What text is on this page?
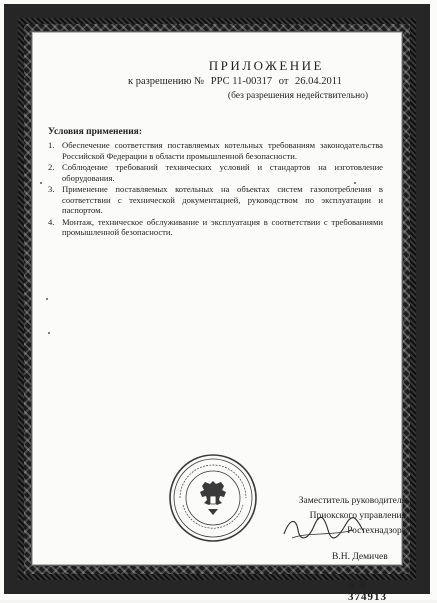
ПРИЛОЖЕНИЕ
к разрешению № РРС 11-00317 от 26.04.2011
(без разрешения недействительно)
Условия применения:
1. Обеспечение соответствия поставляемых котельных требованиям законодательства Российской Федерации в области промышленной безопасности.
2. Соблюдение требований технических условий и стандартов на изготовление оборудования.
3. Применение поставляемых котельных на объектах систем газопотребления в соответствии с технической документацией, руководством по эксплуатации и паспортом.
4. Монтаж, техническое обслуживание и эксплуатация в соответствии с требованиями промышленной безопасности.
Заместитель руководителя
Приокского управления
Ростехнадзора
В.Н. Демичев
А В 374913
